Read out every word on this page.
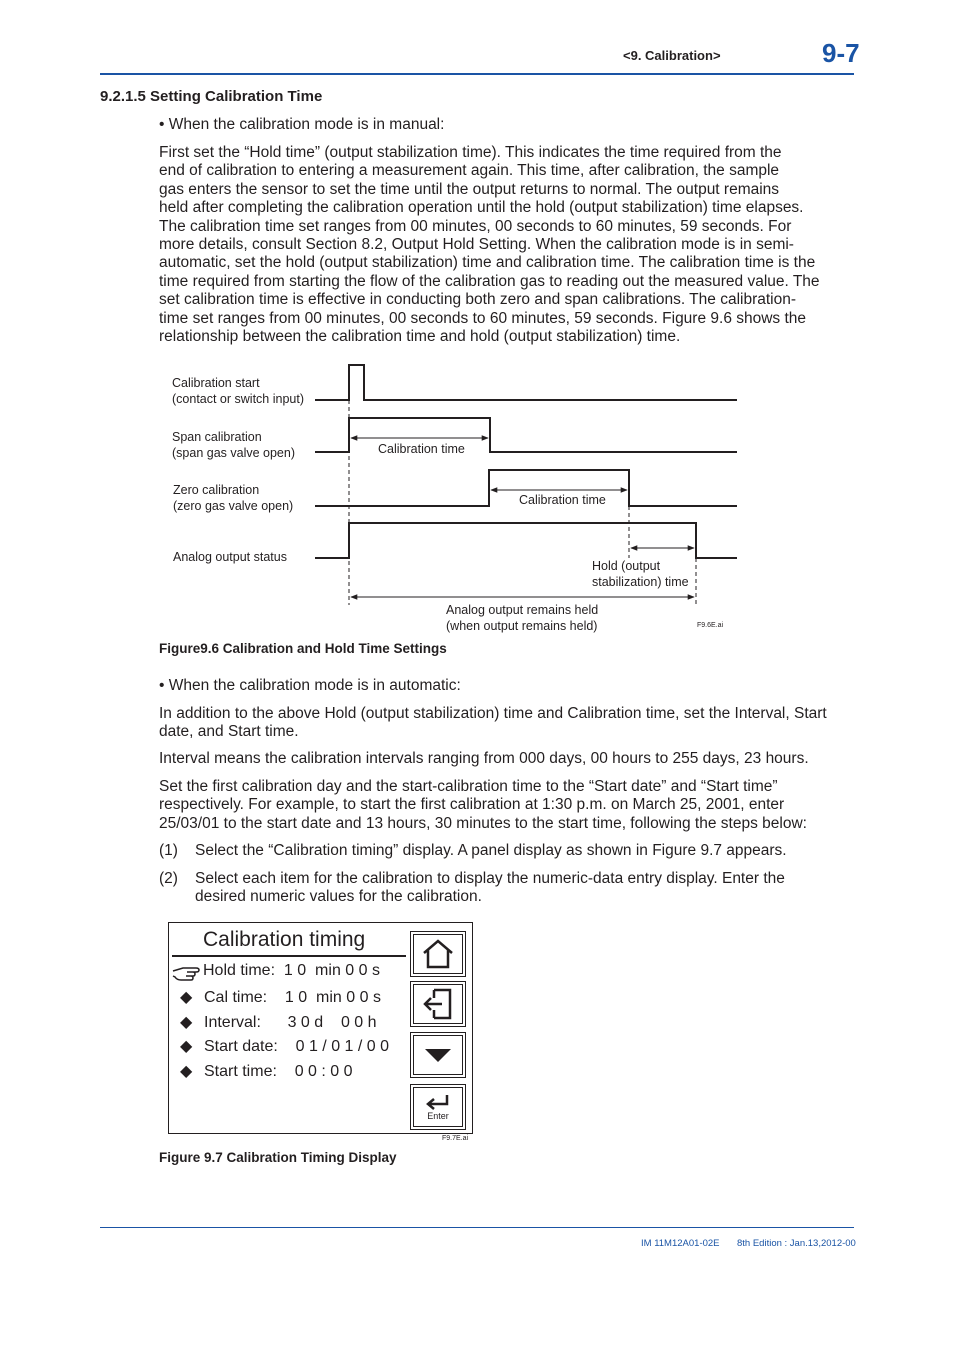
<9. Calibration>	9-7
9.2.1.5 Setting Calibration Time
• When the calibration mode is in manual:
First set the “Hold time” (output stabilization time). This indicates the time required from the
end of calibration to entering a measurement again. This time, after calibration, the sample
gas enters the sensor to set the time until the output returns to normal. The output remains
held after completing the calibration operation until the hold (output stabilization) time elapses.
The calibration time set ranges from 00 minutes, 00 seconds to 60 minutes, 59 seconds. For
more details, consult Section 8.2, Output Hold Setting. When the calibration mode is in semi-
automatic, set the hold (output stabilization) time and calibration time. The calibration time is the
time required from starting the flow of the calibration gas to reading out the measured value. The
set calibration time is effective in conducting both zero and span calibrations. The calibration-
time set ranges from 00 minutes, 00 seconds to 60 minutes, 59 seconds. Figure 9.6 shows the
relationship between the calibration time and hold (output stabilization) time.
Calibration start
(contact or switch input)
Span calibration
(span gas valve open)
Zero calibration
(zero gas valve open)
Analog output status
Calibration time
Calibration time
Hold (output
stabilization) time
Analog output remains held
(when output remains held)	F9.6E.ai
Figure9.6 Calibration and Hold Time Settings
• When the calibration mode is in automatic:
In addition to the above Hold (output stabilization) time and Calibration time, set the Interval, Start
date, and Start time.
Interval means the calibration intervals ranging from 000 days, 00 hours to 255 days, 23 hours.
Set the first calibration day and the start-calibration time to the “Start date” and “Start time”
respectively. For example, to start the first calibration at 1:30 p.m. on March 25, 2001, enter
25/03/01 to the start date and 13 hours, 30 minutes to the start time, following the steps below:
(1)	Select the “Calibration timing” display. A panel display as shown in Figure 9.7 appears.
(2)	Select each item for the calibration to display the numeric-data entry display. Enter the
desired numeric values for the calibration.
Calibration timing
Hold time:  1 0  min 0 0 s
◆ Cal time:    1 0  min 0 0 s
◆ Interval:      3 0 d    0 0 h
◆ Start date:    0 1 / 0 1 / 0 0
◆ Start time:    0 0 : 0 0
Enter
F9.7E.ai
Figure 9.7 Calibration Timing Display
IM 11M12A01-02E 8th Edition : Jan.13,2012-00
